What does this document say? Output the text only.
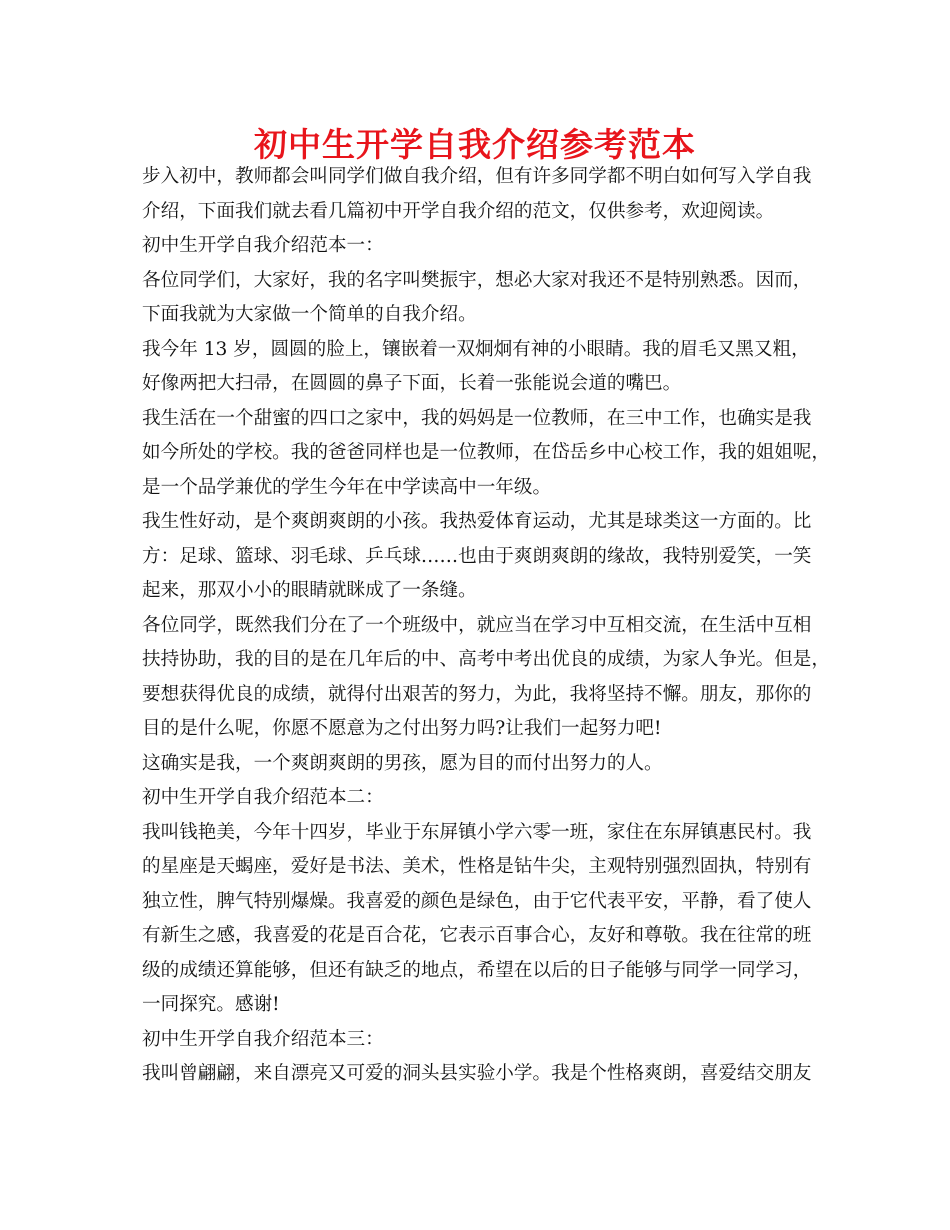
初中生开学自我介绍参考范本
步入初中，教师都会叫同学们做自我介绍，但有许多同学都不明白如何写入学自我
介绍，下面我们就去看几篇初中开学自我介绍的范文，仅供参考，欢迎阅读。
初中生开学自我介绍范本一：
各位同学们，大家好，我的名字叫樊振宇，想必大家对我还不是特别熟悉。因而，
下面我就为大家做一个简单的自我介绍。
我今年 13 岁，圆圆的脸上，镶嵌着一双炯炯有神的小眼睛。我的眉毛又黑又粗，
好像两把大扫帚，在圆圆的鼻子下面，长着一张能说会道的嘴巴。
我生活在一个甜蜜的四口之家中，我的妈妈是一位教师，在三中工作，也确实是我
如今所处的学校。我的爸爸同样也是一位教师，在岱岳乡中心校工作，我的姐姐呢，
是一个品学兼优的学生今年在中学读高中一年级。
我生性好动，是个爽朗爽朗的小孩。我热爱体育运动，尤其是球类这一方面的。比
方：足球、篮球、羽毛球、乒乓球……也由于爽朗爽朗的缘故，我特别爱笑，一笑
起来，那双小小的眼睛就眯成了一条缝。
各位同学，既然我们分在了一个班级中，就应当在学习中互相交流，在生活中互相
扶持协助，我的目的是在几年后的中、高考中考出优良的成绩，为家人争光。但是，
要想获得优良的成绩，就得付出艰苦的努力，为此，我将坚持不懈。朋友，那你的
目的是什么呢，你愿不愿意为之付出努力吗?让我们一起努力吧!
这确实是我，一个爽朗爽朗的男孩，愿为目的而付出努力的人。
初中生开学自我介绍范本二：
我叫钱艳美，今年十四岁，毕业于东屏镇小学六零一班，家住在东屏镇惠民村。我
的星座是天蝎座，爱好是书法、美术，性格是钻牛尖，主观特别强烈固执，特别有
独立性，脾气特别爆燥。我喜爱的颜色是绿色，由于它代表平安，平静，看了使人
有新生之感，我喜爱的花是百合花，它表示百事合心，友好和尊敬。我在往常的班
级的成绩还算能够，但还有缺乏的地点，希望在以后的日子能够与同学一同学习，
一同探究。感谢!
初中生开学自我介绍范本三：
我叫曾翩翩，来自漂亮又可爱的洞头县实验小学。我是个性格爽朗，喜爱结交朋友
